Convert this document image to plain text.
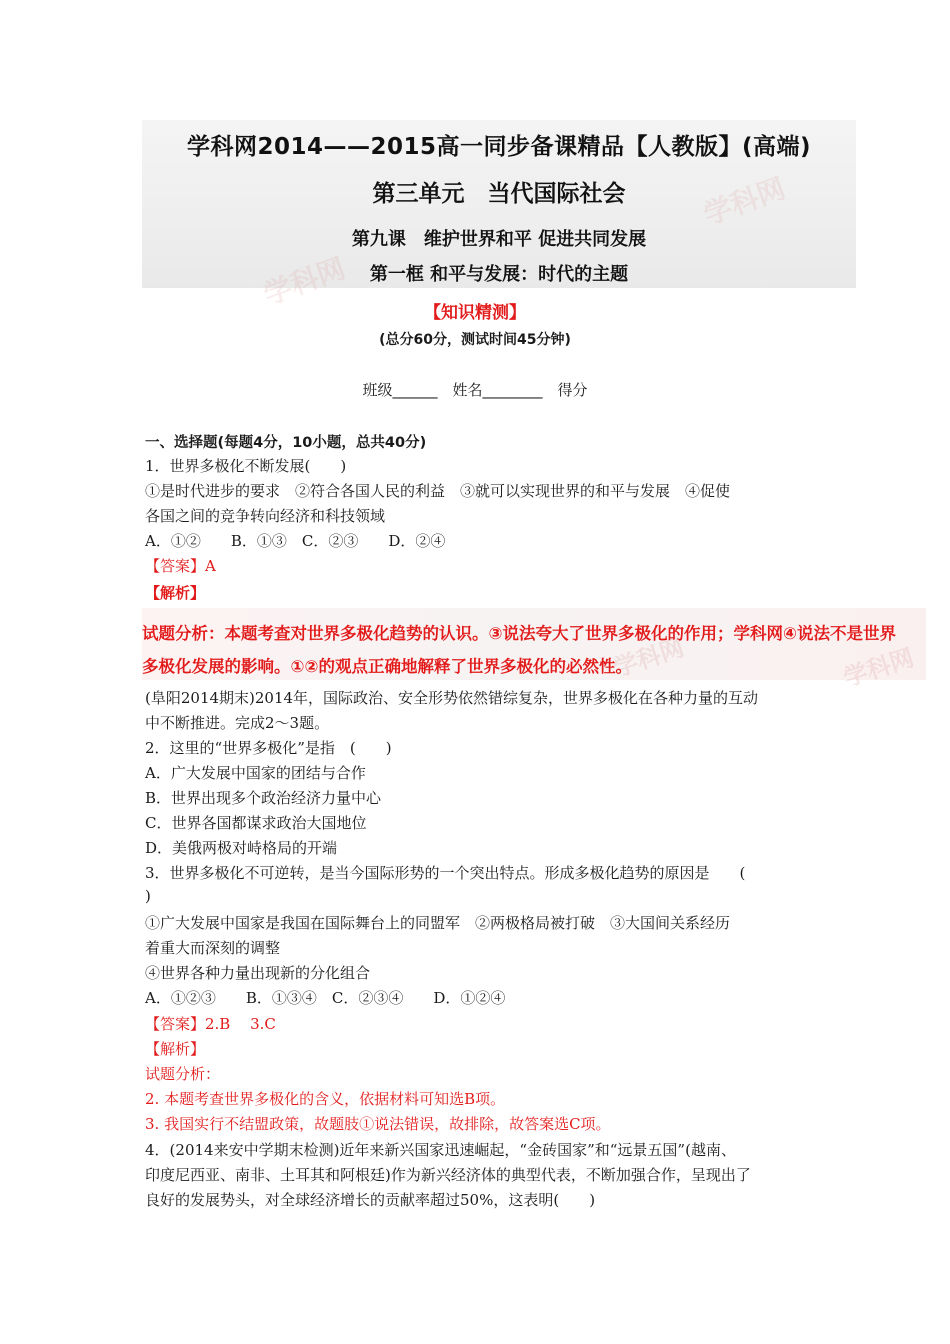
学科网
学科网
学科网2014——2015高一同步备课精品【人教版】(高端)
第三单元　当代国际社会
第九课　维护世界和平 促进共同发展
第一框 和平与发展：时代的主题
【知识精测】
(总分60分，测试时间45分钟)
班级______　姓名________　得分
一、选择题(每题4分，10小题，总共40分)
1．世界多极化不断发展(　　)
①是时代进步的要求　②符合各国人民的利益　③就可以实现世界的和平与发展　④促使
各国之间的竞争转向经济和科技领域
A．①②　　B．①③　C．②③　　D．②④
【答案】A
【解析】
学科网	学科网
试题分析：本题考查对世界多极化趋势的认识。③说法夸大了世界多极化的作用；学科网④说法不是世界
多极化发展的影响。①②的观点正确地解释了世界多极化的必然性。
(阜阳2014期末)2014年，国际政治、安全形势依然错综复杂，世界多极化在各种力量的互动
中不断推进。完成2～3题。
2．这里的“世界多极化”是指　(　　)
A．广大发展中国家的团结与合作
B．世界出现多个政治经济力量中心
C．世界各国都谋求政治大国地位
D．美俄两极对峙格局的开端
3．世界多极化不可逆转，是当今国际形势的一个突出特点。形成多极化趋势的原因是　　(
)
①广大发展中国家是我国在国际舞台上的同盟军　②两极格局被打破　③大国间关系经历
着重大而深刻的调整
④世界各种力量出现新的分化组合
A．①②③　　B．①③④　C．②③④　　D．①②④
【答案】2.B　 3.C
【解析】
试题分析：
2. 本题考查世界多极化的含义，依据材料可知选B项。
3. 我国实行不结盟政策，故题肢①说法错误，故排除，故答案选C项。
4．(2014来安中学期末检测)近年来新兴国家迅速崛起，“金砖国家”和“远景五国”(越南、
印度尼西亚、南非、土耳其和阿根廷)作为新兴经济体的典型代表，不断加强合作，呈现出了
良好的发展势头，对全球经济增长的贡献率超过50%，这表明(　　)
